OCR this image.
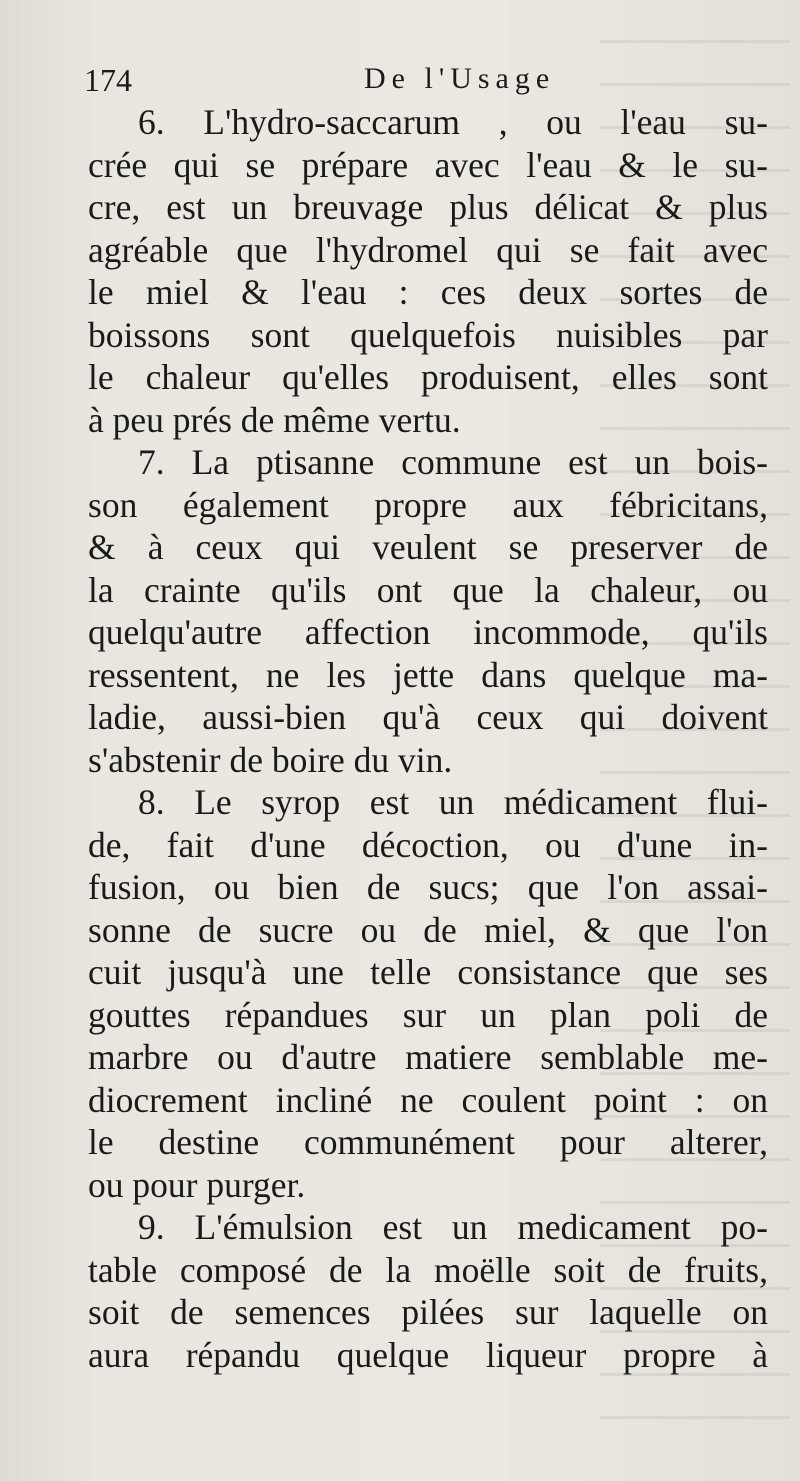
174	De l'Usage
6. L'hydro-saccarum , ou l'eau su-
crée qui se prépare avec l'eau & le su-
cre, est un breuvage plus délicat & plus
agréable que l'hydromel qui se fait avec
le miel & l'eau : ces deux sortes de
boissons sont quelquefois nuisibles par
le chaleur qu'elles produisent, elles sont
à peu prés de même vertu.
7. La ptisanne commune est un bois-
son également propre aux fébricitans,
& à ceux qui veulent se preserver de
la crainte qu'ils ont que la chaleur, ou
quelqu'autre affection incommode, qu'ils
ressentent, ne les jette dans quelque ma-
ladie, aussi-bien qu'à ceux qui doivent
s'abstenir de boire du vin.
8. Le syrop est un médicament flui-
de, fait d'une décoction, ou d'une in-
fusion, ou bien de sucs; que l'on assai-
sonne de sucre ou de miel, & que l'on
cuit jusqu'à une telle consistance que ses
gouttes répandues sur un plan poli de
marbre ou d'autre matiere semblable me-
diocrement incliné ne coulent point : on
le destine communément pour alterer,
ou pour purger.
9. L'émulsion est un medicament po-
table composé de la moëlle soit de fruits,
soit de semences pilées sur laquelle on
aura répandu quelque liqueur propre à
